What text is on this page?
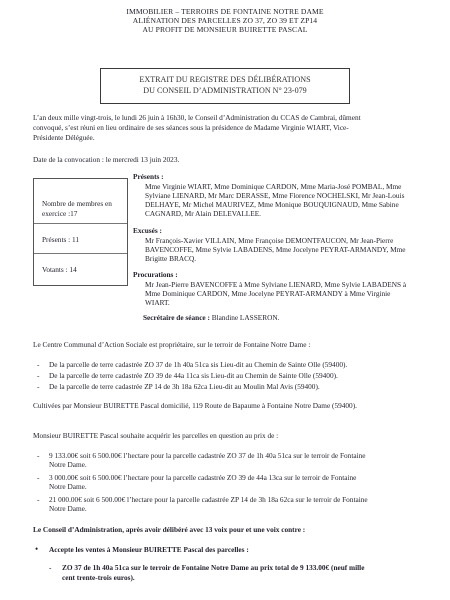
IMMOBILIER – TERROIRS DE FONTAINE NOTRE DAME
ALIÉNATION DES PARCELLES ZO 37, ZO 39 ET ZP14
AU PROFIT DE MONSIEUR BUIRETTE PASCAL
EXTRAIT DU REGISTRE DES DÉLIBÉRATIONS
DU CONSEIL D’ADMINISTRATION N° 23-079
L’an deux mille vingt-trois, le lundi 26 juin à 16h30, le Conseil d’Administration du CCAS de Cambrai, dûment
convoqué, s’est réuni en lieu ordinaire de ses séances sous la présidence de Madame Virginie WIART, Vice-
Présidente Déléguée.
Date de la convocation : le mercredi 13 juin 2023.
Nombre de membres en
exercice :17
Présents : 11
Votants : 14
Présents :
Mme Virginie WIART, Mme Dominique CARDON, Mme Maria-José POMBAL, Mme
Sylviane LIENARD, Mr Marc DERASSE, Mme Florence NOCHELSKI, Mr Jean-Louis
DELHAYE, Mr Michel MAURIVEZ, Mme Monique BOUQUIGNAUD, Mme Sabine
CAGNARD, Mr Alain DELEVALLEE.
Excusés :
Mr François-Xavier VILLAIN, Mme Françoise DEMONTFAUCON, Mr Jean-Pierre
BAVENCOFFE, Mme Sylvie LABADENS, Mme Jocelyne PEYRAT-ARMANDY, Mme
Brigitte BRACQ.
Procurations :
Mr Jean-Pierre BAVENCOFFE à Mme Sylviane LIENARD, Mme Sylvie LABADENS à
Mme Dominique CARDON, Mme Jocelyne PEYRAT-ARMANDY à Mme Virginie
WIART.
Secrétaire de séance : Blandine LASSERON.
Le Centre Communal d’Action Sociale est propriétaire, sur le terroir de Fontaine Notre Dame :
- De la parcelle de terre cadastrée ZO 37 de 1h 40a 51ca sis Lieu-dit au Chemin de Sainte Olle (59400).
- De la parcelle de terre cadastrée ZO 39 de 44a 11ca sis Lieu-dit au Chemin de Sainte Olle (59400).
- De la parcelle de terre cadastrée ZP 14 de 3h 18a 62ca Lieu-dit au Moulin Mal Avis (59400).
Cultivées par Monsieur BUIRETTE Pascal domicilié, 119 Route de Bapaume à Fontaine Notre Dame (59400).
Monsieur BUIRETTE Pascal souhaite acquérir les parcelles en question au prix de :
- 9 133.00€ soit 6 500.00€ l’hectare pour la parcelle cadastrée ZO 37 de 1h 40a 51ca sur le terroir de Fontaine
Notre Dame.
- 3 000.00€ soit 6 500.00€ l’hectare pour la parcelle cadastrée ZO 39 de 44a 13ca sur le terroir de Fontaine
Notre Dame.
- 21 000.00€ soit 6 500.00€ l’hectare pour la parcelle cadastrée ZP 14 de 3h 18a 62ca sur le terroir de Fontaine
Notre Dame.
Le Conseil d’Administration, après avoir délibéré avec 13 voix pour et une voix contre :
• Accepte les ventes à Monsieur BUIRETTE Pascal des parcelles :
- ZO 37 de 1h 40a 51ca sur le terroir de Fontaine Notre Dame au prix total de 9 133.00€ (neuf mille
cent trente-trois euros).
